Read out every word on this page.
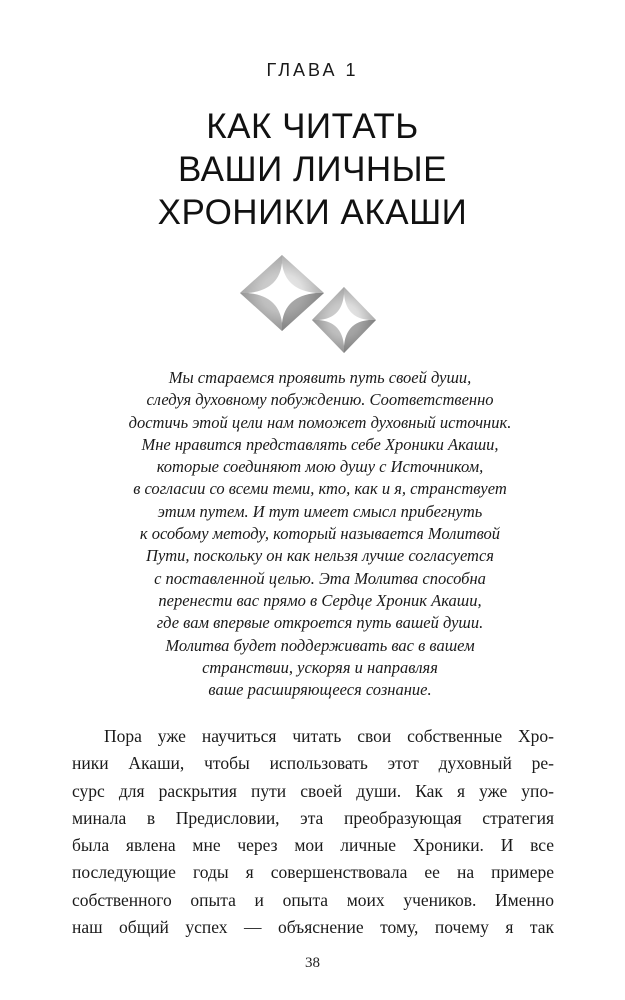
ГЛАВА 1
КАК ЧИТАТЬ
ВАШИ ЛИЧНЫЕ
ХРОНИКИ АКАШИ
Мы стараемся проявить путь своей души,
следуя духовному побуждению. Соответственно
достичь этой цели нам поможет духовный источник.
Мне нравится представлять себе Хроники Акаши,
которые соединяют мою душу с Источником,
в согласии со всеми теми, кто, как и я, странствует
этим путем. И тут имеет смысл прибегнуть
к особому методу, который называется Молитвой
Пути, поскольку он как нельзя лучше согласуется
с поставленной целью. Эта Молитва способна
перенести вас прямо в Сердце Хроник Акаши,
где вам впервые откроется путь вашей души.
Молитва будет поддерживать вас в вашем
странствии, ускоряя и направляя
ваше расширяющееся сознание.
Пора уже научиться читать свои собственные Хро-
ники Акаши, чтобы использовать этот духовный ре-
сурс для раскрытия пути своей души. Как я уже упо-
минала в Предисловии, эта преобразующая стратегия
была явлена мне через мои личные Хроники. И все
последующие годы я совершенствовала ее на примере
собственного опыта и опыта моих учеников. Именно
наш общий успех — объяснение тому, почему я так
38
